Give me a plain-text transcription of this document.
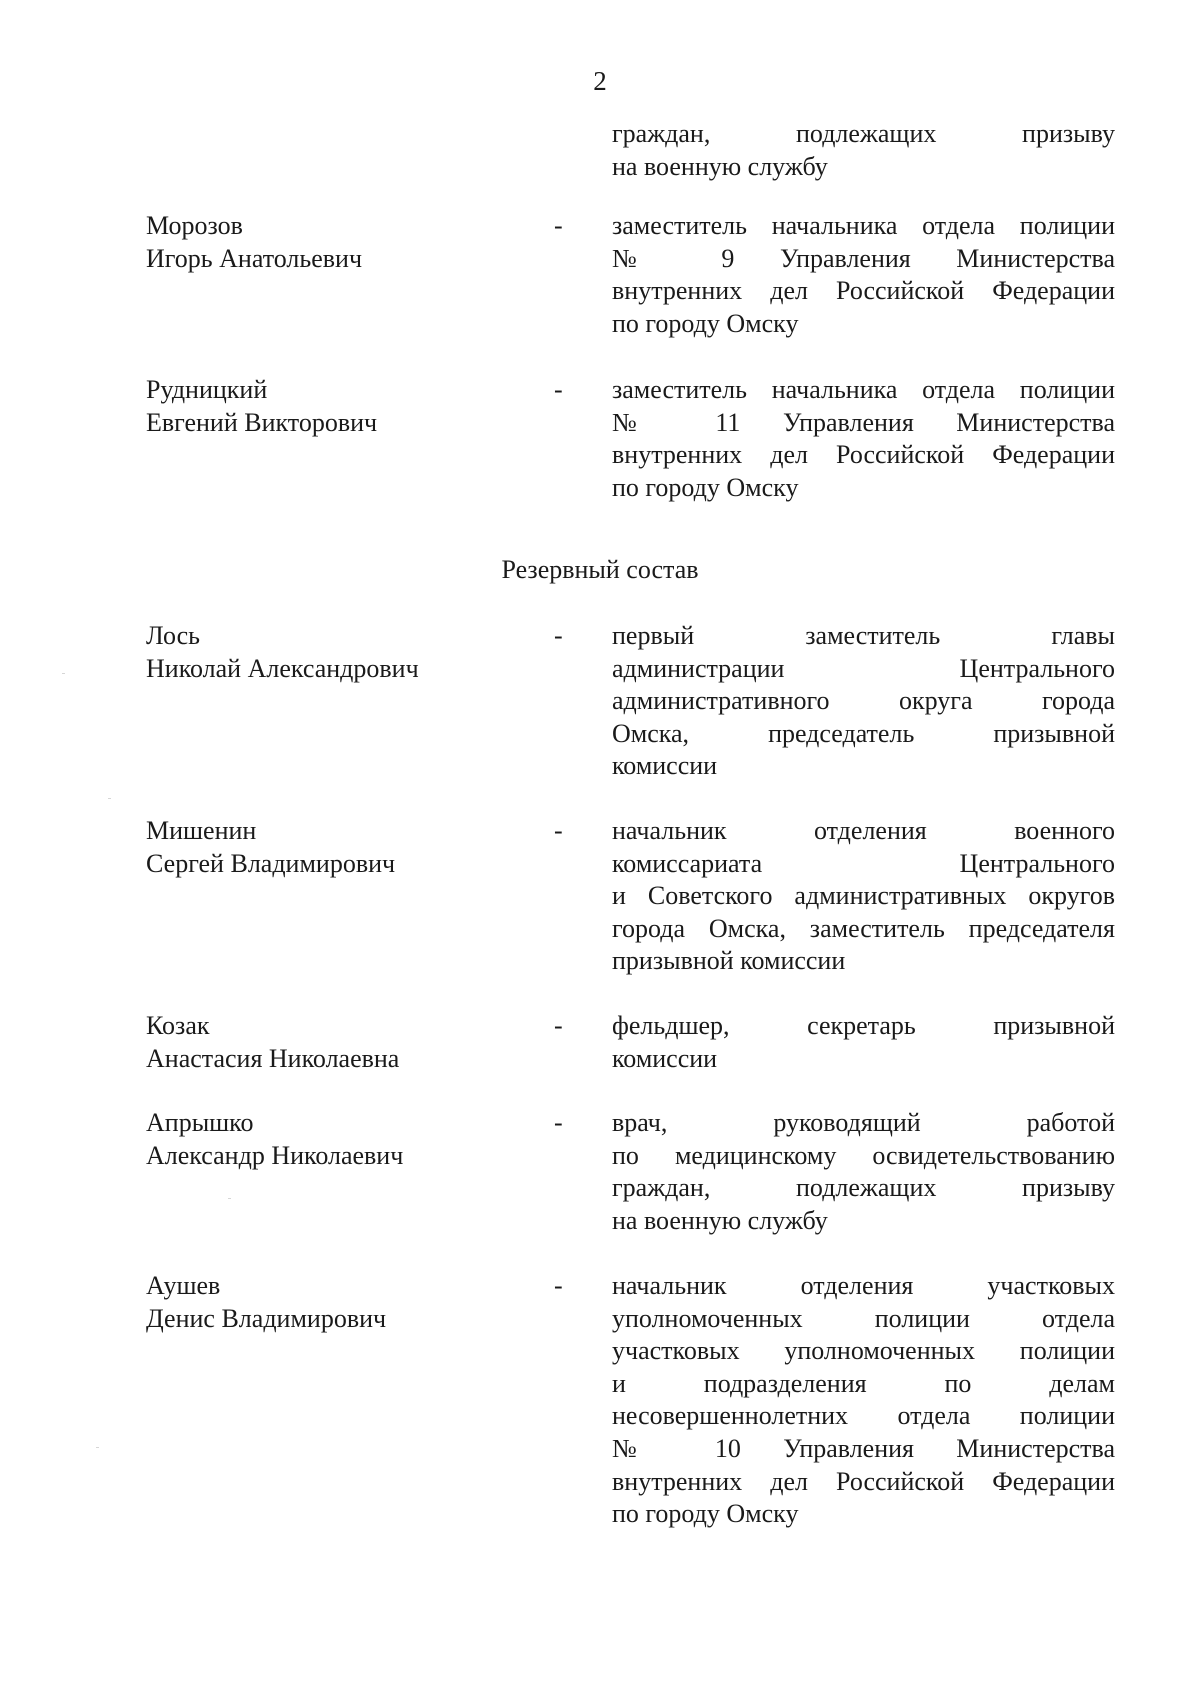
2
граждан, подлежащих призыву
на военную службу
Морозов
Игорь Анатольевич
- заместитель начальника отдела полиции
№ 9 Управления Министерства
внутренних дел Российской Федерации
по городу Омску
Рудницкий
Евгений Викторович
- заместитель начальника отдела полиции
№ 11 Управления Министерства
внутренних дел Российской Федерации
по городу Омску
Резервный состав
Лось
Николай Александрович
- первый заместитель главы
администрации Центрального
административного округа города
Омска, председатель призывной
комиссии
Мишенин
Сергей Владимирович
- начальник отделения военного
комиссариата Центрального
и Советского административных округов
города Омска, заместитель председателя
призывной комиссии
Козак
Анастасия Николаевна
- фельдшер, секретарь призывной
комиссии
Апрышко
Александр Николаевич
- врач, руководящий работой
по медицинскому освидетельствованию
граждан, подлежащих призыву
на военную службу
Аушев
Денис Владимирович
- начальник отделения участковых
уполномоченных полиции отдела
участковых уполномоченных полиции
и подразделения по делам
несовершеннолетних отдела полиции
№ 10 Управления Министерства
внутренних дел Российской Федерации
по городу Омску
